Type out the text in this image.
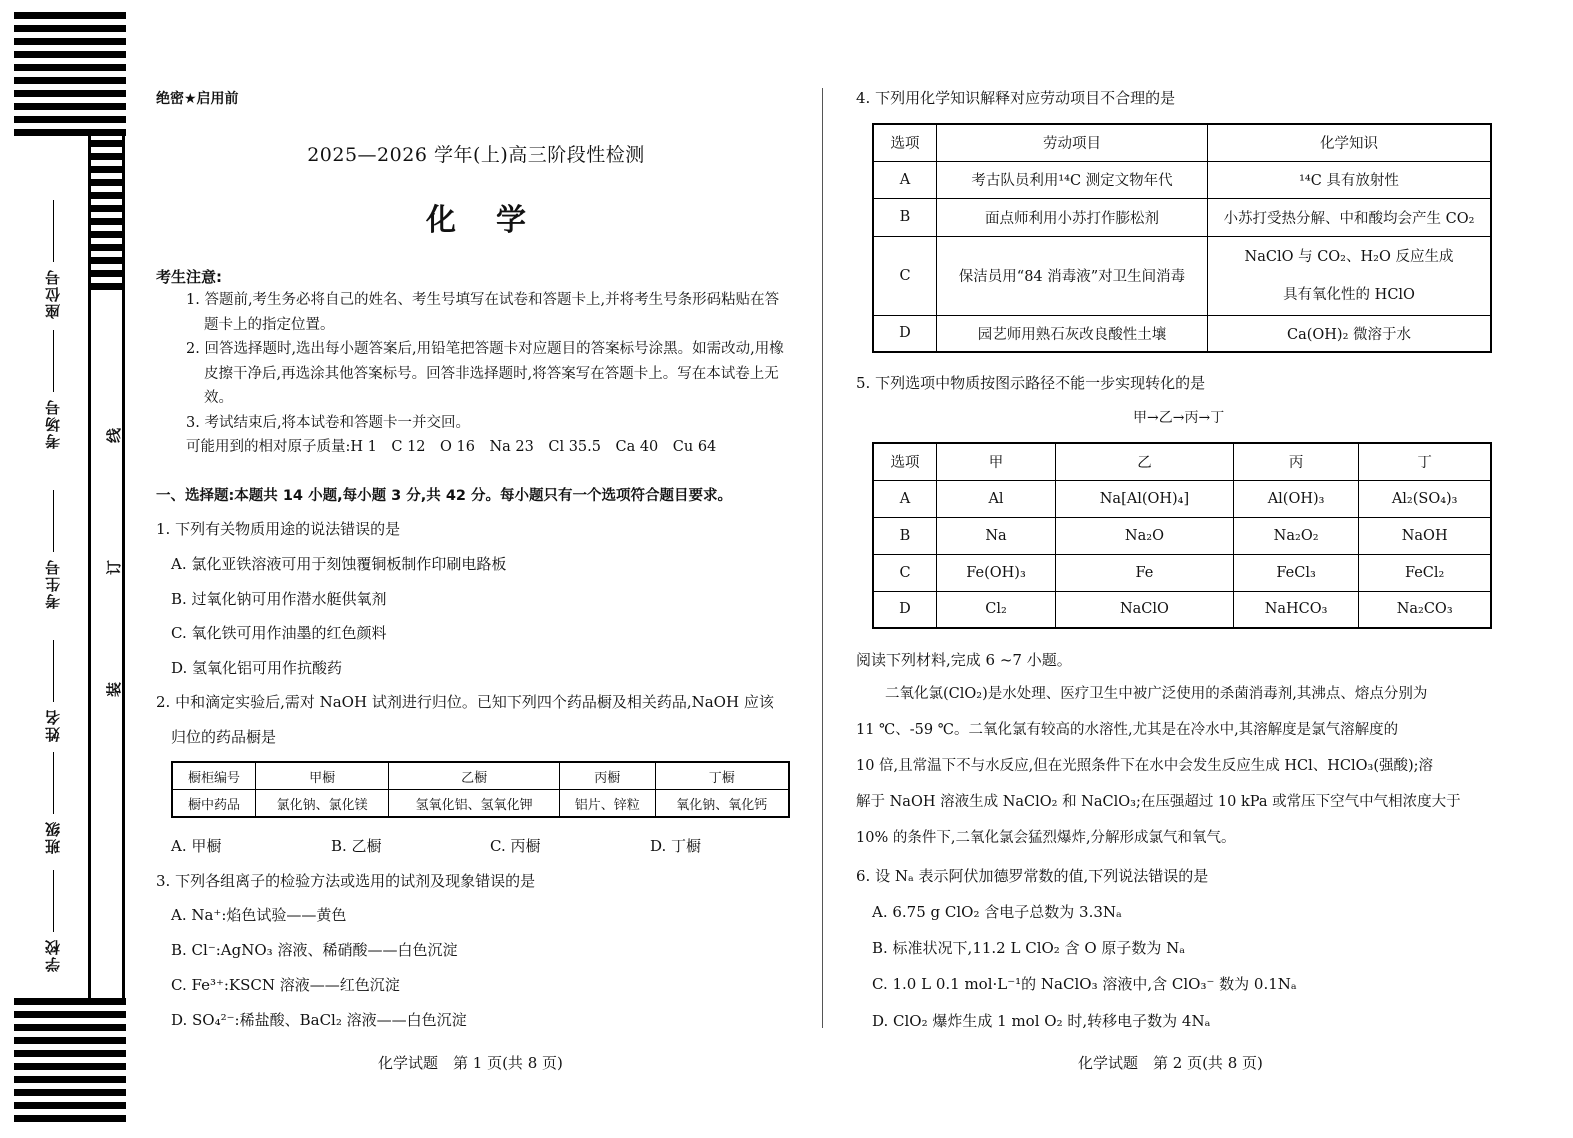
座位号
考场号
考生号
姓名
班级
学校
线
订
装
绝密★启用前
2025—2026 学年(上)高三阶段性检测
化学
考生注意:

1. 答题前,考生务必将自己的姓名、考生号填写在试卷和答题卡上,并将考生号条形码粘贴在答题卡上的指定位置。

2. 回答选择题时,选出每小题答案后,用铅笔把答题卡对应题目的答案标号涂黑。如需改动,用橡皮擦干净后,再选涂其他答案标号。回答非选择题时,将答案写在答题卡上。写在本试卷上无效。

3. 考试结束后,将本试卷和答题卡一并交回。

可能用到的相对原子质量:H 1　C 12　O 16　Na 23　Cl 35.5　Ca 40　Cu 64

一、选择题:本题共 14 小题,每小题 3 分,共 42 分。每小题只有一个选项符合题目要求。
1. 下列有关物质用途的说法错误的是
A. 氯化亚铁溶液可用于刻蚀覆铜板制作印刷电路板
B. 过氧化钠可用作潜水艇供氧剂
C. 氧化铁可用作油墨的红色颜料
D. 氢氧化铝可用作抗酸药
2. 中和滴定实验后,需对 NaOH 试剂进行归位。已知下列四个药品橱及相关药品,NaOH 应该
归位的药品橱是
橱柜编号	甲橱	乙橱	丙橱	丁橱
橱中药品	氯化钠、氯化镁	氢氧化铝、氢氧化钾	铝片、锌粒	氧化钠、氧化钙
A. 甲橱	B. 乙橱	C. 丙橱	D. 丁橱
3. 下列各组离子的检验方法或选用的试剂及现象错误的是
A. Na⁺:焰色试验——黄色
B. Cl⁻:AgNO₃ 溶液、稀硝酸——白色沉淀
C. Fe³⁺:KSCN 溶液——红色沉淀
D. SO₄²⁻:稀盐酸、BaCl₂ 溶液——白色沉淀
化学试题　第 1 页(共 8 页)
4. 下列用化学知识解释对应劳动项目不合理的是
选项	劳动项目	化学知识
A	考古队员利用¹⁴C 测定文物年代	¹⁴C 具有放射性
B	面点师利用小苏打作膨松剂	小苏打受热分解、中和酸均会产生 CO₂
C	保洁员用“84 消毒液”对卫生间消毒	NaClO 与 CO₂、H₂O 反应生成
具有氧化性的 HClO

D	园艺师用熟石灰改良酸性土壤	Ca(OH)₂ 微溶于水
5. 下列选项中物质按图示路径不能一步实现转化的是
甲→乙→丙→丁
选项	甲	乙	丙	丁
A	Al	Na[Al(OH)₄]	Al(OH)₃	Al₂(SO₄)₃
B	Na	Na₂O	Na₂O₂	NaOH
C	Fe(OH)₃	Fe	FeCl₃	FeCl₂
D	Cl₂	NaClO	NaHCO₃	Na₂CO₃
阅读下列材料,完成 6 ~7 小题。
　　二氧化氯(ClO₂)是水处理、医疗卫生中被广泛使用的杀菌消毒剂,其沸点、熔点分别为
11 ℃、-59 ℃。二氧化氯有较高的水溶性,尤其是在冷水中,其溶解度是氯气溶解度的
10 倍,且常温下不与水反应,但在光照条件下在水中会发生反应生成 HCl、HClO₃(强酸);溶
解于 NaOH 溶液生成 NaClO₂ 和 NaClO₃;在压强超过 10 kPa 或常压下空气中气相浓度大于
10% 的条件下,二氧化氯会猛烈爆炸,分解形成氯气和氧气。
6. 设 Nₐ 表示阿伏加德罗常数的值,下列说法错误的是
A. 6.75 g ClO₂ 含电子总数为 3.3Nₐ
B. 标准状况下,11.2 L ClO₂ 含 O 原子数为 Nₐ
C. 1.0 L 0.1 mol·L⁻¹的 NaClO₃ 溶液中,含 ClO₃⁻ 数为 0.1Nₐ
D. ClO₂ 爆炸生成 1 mol O₂ 时,转移电子数为 4Nₐ
化学试题　第 2 页(共 8 页)
